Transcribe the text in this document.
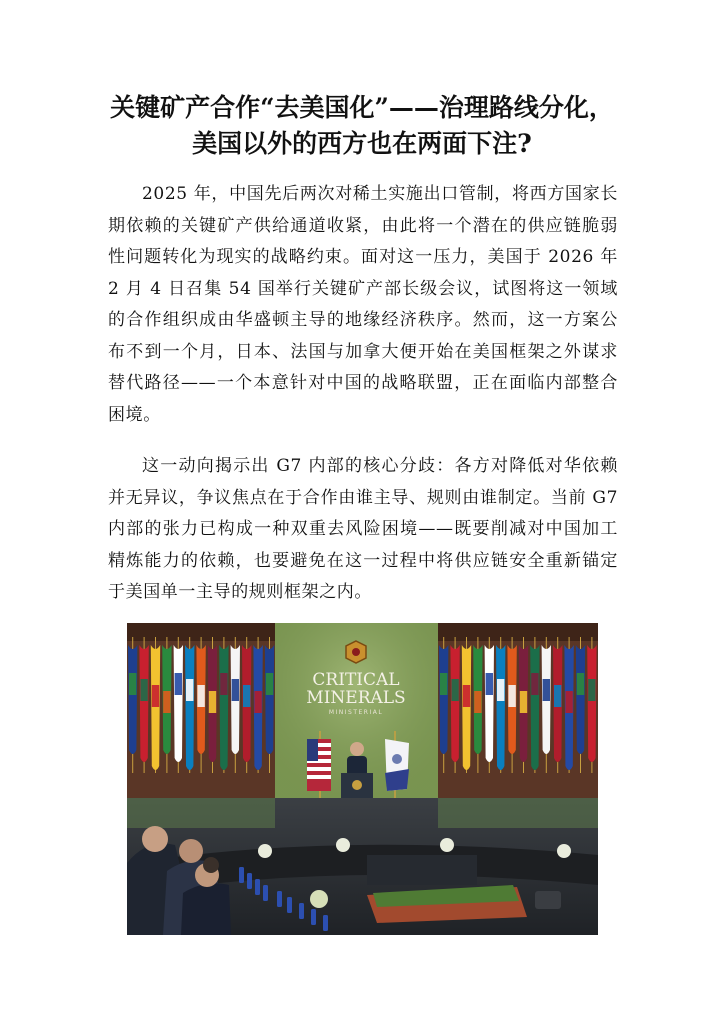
关键矿产合作“去美国化”——治理路线分化，美国以外的西方也在两面下注?

2025 年，中国先后两次对稀土实施出口管制，将西方国家长期依赖的关键矿产供给通道收紧，由此将一个潜在的供应链脆弱性问题转化为现实的战略约束。面对这一压力，美国于 2026 年 2 月 4 日召集 54 国举行关键矿产部长级会议，试图将这一领域的合作组织成由华盛顿主导的地缘经济秩序。然而，这一方案公布不到一个月，日本、法国与加拿大便开始在美国框架之外谋求替代路径——一个本意针对中国的战略联盟，正在面临内部整合困境。

这一动向揭示出 G7 内部的核心分歧：各方对降低对华依赖并无异议，争议焦点在于合作由谁主导、规则由谁制定。当前 G7 内部的张力已构成一种双重去风险困境——既要削减对中国加工精炼能力的依赖，也要避免在这一过程中将供应链安全重新锚定于美国单一主导的规则框架之内。

CRITICAL
MINERALS
MINISTERIAL
